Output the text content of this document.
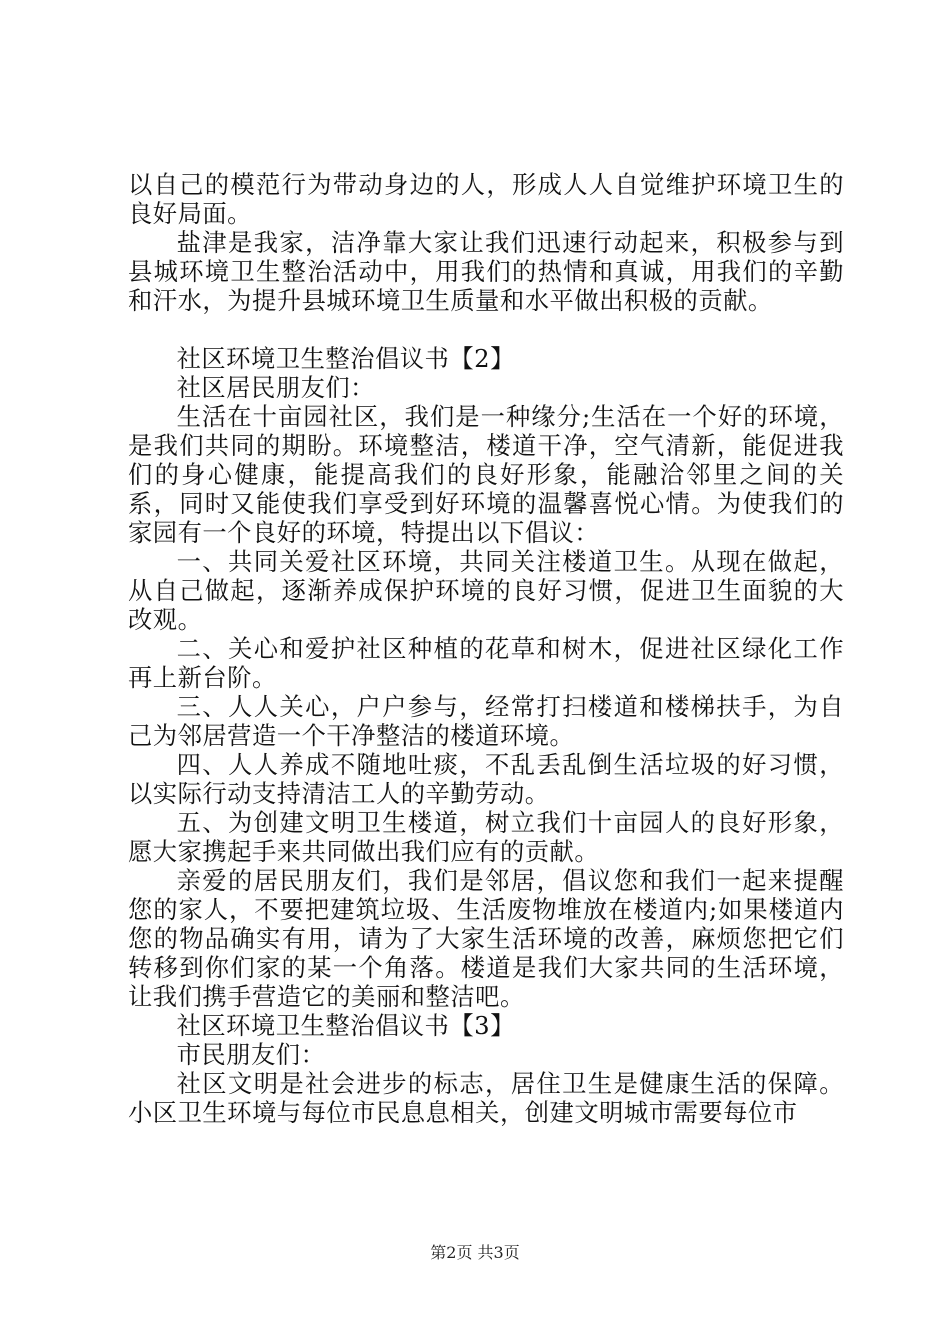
以自己的模范行为带动身边的人，形成人人自觉维护环境卫生的良好局面。

盐津是我家，洁净靠大家让我们迅速行动起来，积极参与到县城环境卫生整治活动中，用我们的热情和真诚，用我们的辛勤和汗水，为提升县城环境卫生质量和水平做出积极的贡献。

社区环境卫生整治倡议书【2】

社区居民朋友们：

生活在十亩园社区，我们是一种缘分;生活在一个好的环境，是我们共同的期盼。环境整洁，楼道干净，空气清新，能促进我们的身心健康，能提高我们的良好形象，能融洽邻里之间的关系，同时又能使我们享受到好环境的温馨喜悦心情。为使我们的家园有一个良好的环境，特提出以下倡议：

一、共同关爱社区环境，共同关注楼道卫生。从现在做起，从自己做起，逐渐养成保护环境的良好习惯，促进卫生面貌的大改观。

二、关心和爱护社区种植的花草和树木，促进社区绿化工作再上新台阶。

三、人人关心，户户参与，经常打扫楼道和楼梯扶手，为自己为邻居营造一个干净整洁的楼道环境。

四、人人养成不随地吐痰，不乱丢乱倒生活垃圾的好习惯，以实际行动支持清洁工人的辛勤劳动。

五、为创建文明卫生楼道，树立我们十亩园人的良好形象，愿大家携起手来共同做出我们应有的贡献。

亲爱的居民朋友们，我们是邻居，倡议您和我们一起来提醒您的家人，不要把建筑垃圾、生活废物堆放在楼道内;如果楼道内您的物品确实有用，请为了大家生活环境的改善，麻烦您把它们转移到你们家的某一个角落。楼道是我们大家共同的生活环境，让我们携手营造它的美丽和整洁吧。

社区环境卫生整治倡议书【3】

市民朋友们：

社区文明是社会进步的标志，居住卫生是健康生活的保障。小区卫生环境与每位市民息息相关，创建文明城市需要每位市

第2页 共3页
